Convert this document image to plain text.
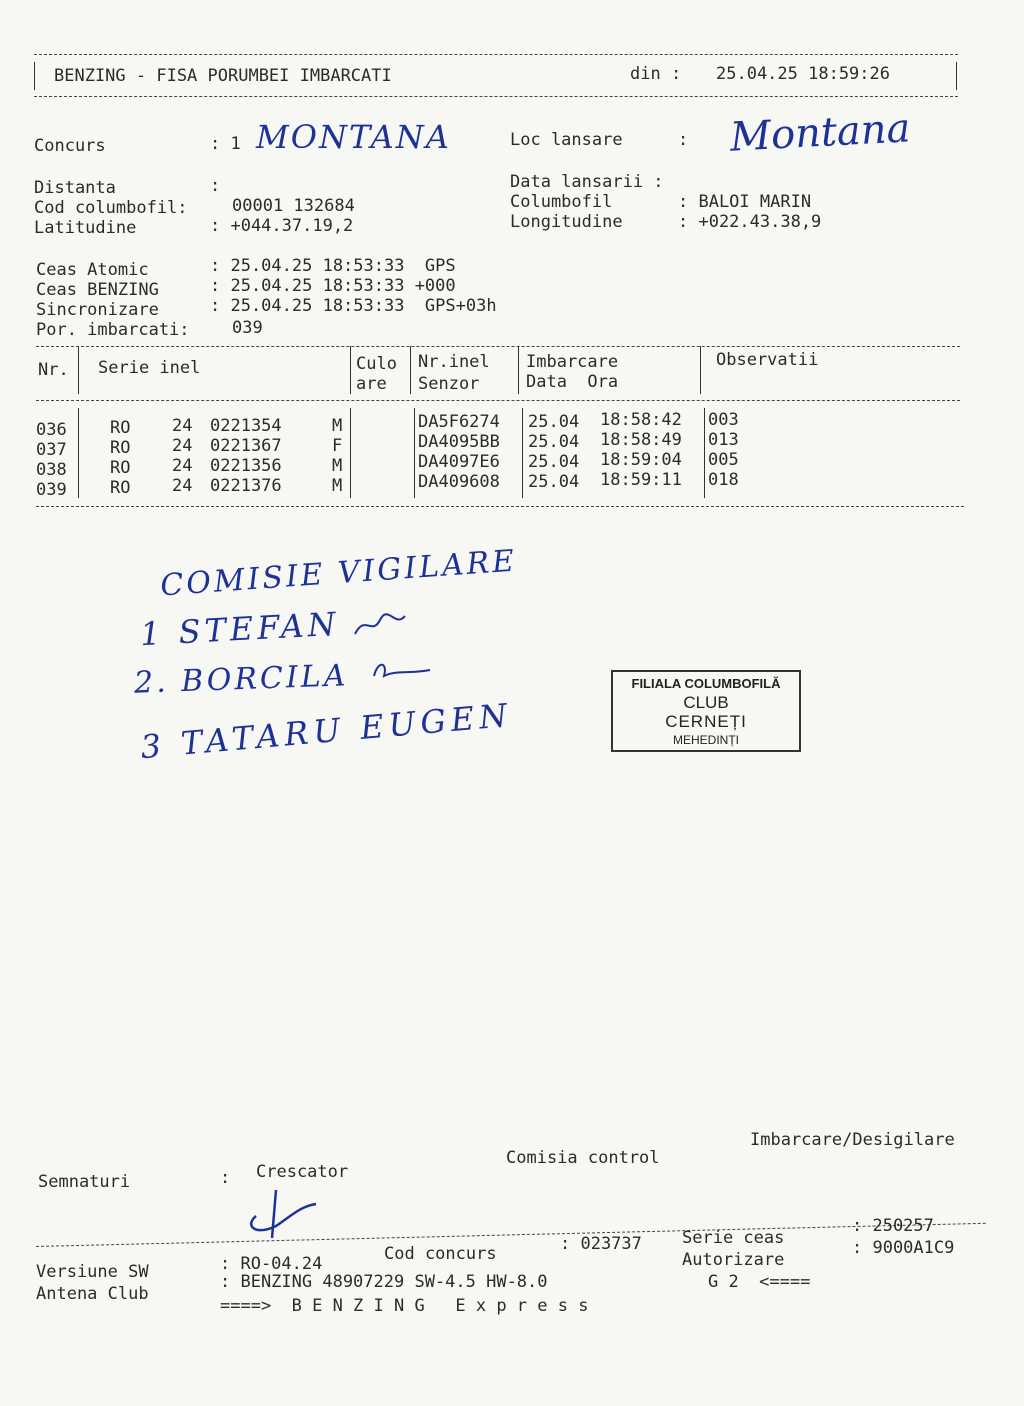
BENZING - FISA PORUMBEI IMBARCATI	din : 25.04.25 18:59:26
Concurs	: 1 MONTANA	Loc lansare	: Montana
Distanta	:	Data lansarii :
Cod columbofil:	00001 132684	Columbofil	: BALOI MARIN
Latitudine	: +044.37.19,2	Longitudine	: +022.43.38,9
Ceas Atomic	: 25.04.25 18:53:33  GPS
Ceas BENZING	: 25.04.25 18:53:33 +000
Sincronizare	: 25.04.25 18:53:33  GPS+03h
Por. imbarcati: 039
Nr. Serie inel	Culo
are
Nr.inel
Senzor
Imbarcare
Data  Ora
Observatii
036	RO 24 0221354	M	DA5F6274 25.04 18:58:42 003
037	RO 24 0221367	F	DA4095BB 25.04 18:58:49 013
038	RO 24 0221356	M	DA4097E6 25.04 18:59:04 005
039	RO 24 0221376	M	DA409608 25.04 18:59:11 018
COMISIE VIGILARE
1 STEFAN
2. BORCILA
3 TATARU EUGEN
FILIALA COLUMBOFILĂ
CLUB
CERNEȚI
MEHEDINȚI
Semnaturi	: Crescator
Comisia control
Imbarcare/Desigilare
Versiune SW	: RO-04.24	Cod concurs	: 023737 Serie ceas
: 250257
Autorizare
: 9000A1C9
Antena Club
: BENZING 48907229 SW-4.5 HW-8.0	G 2  <====
====>  B E N Z I N G   E x p r e s s
